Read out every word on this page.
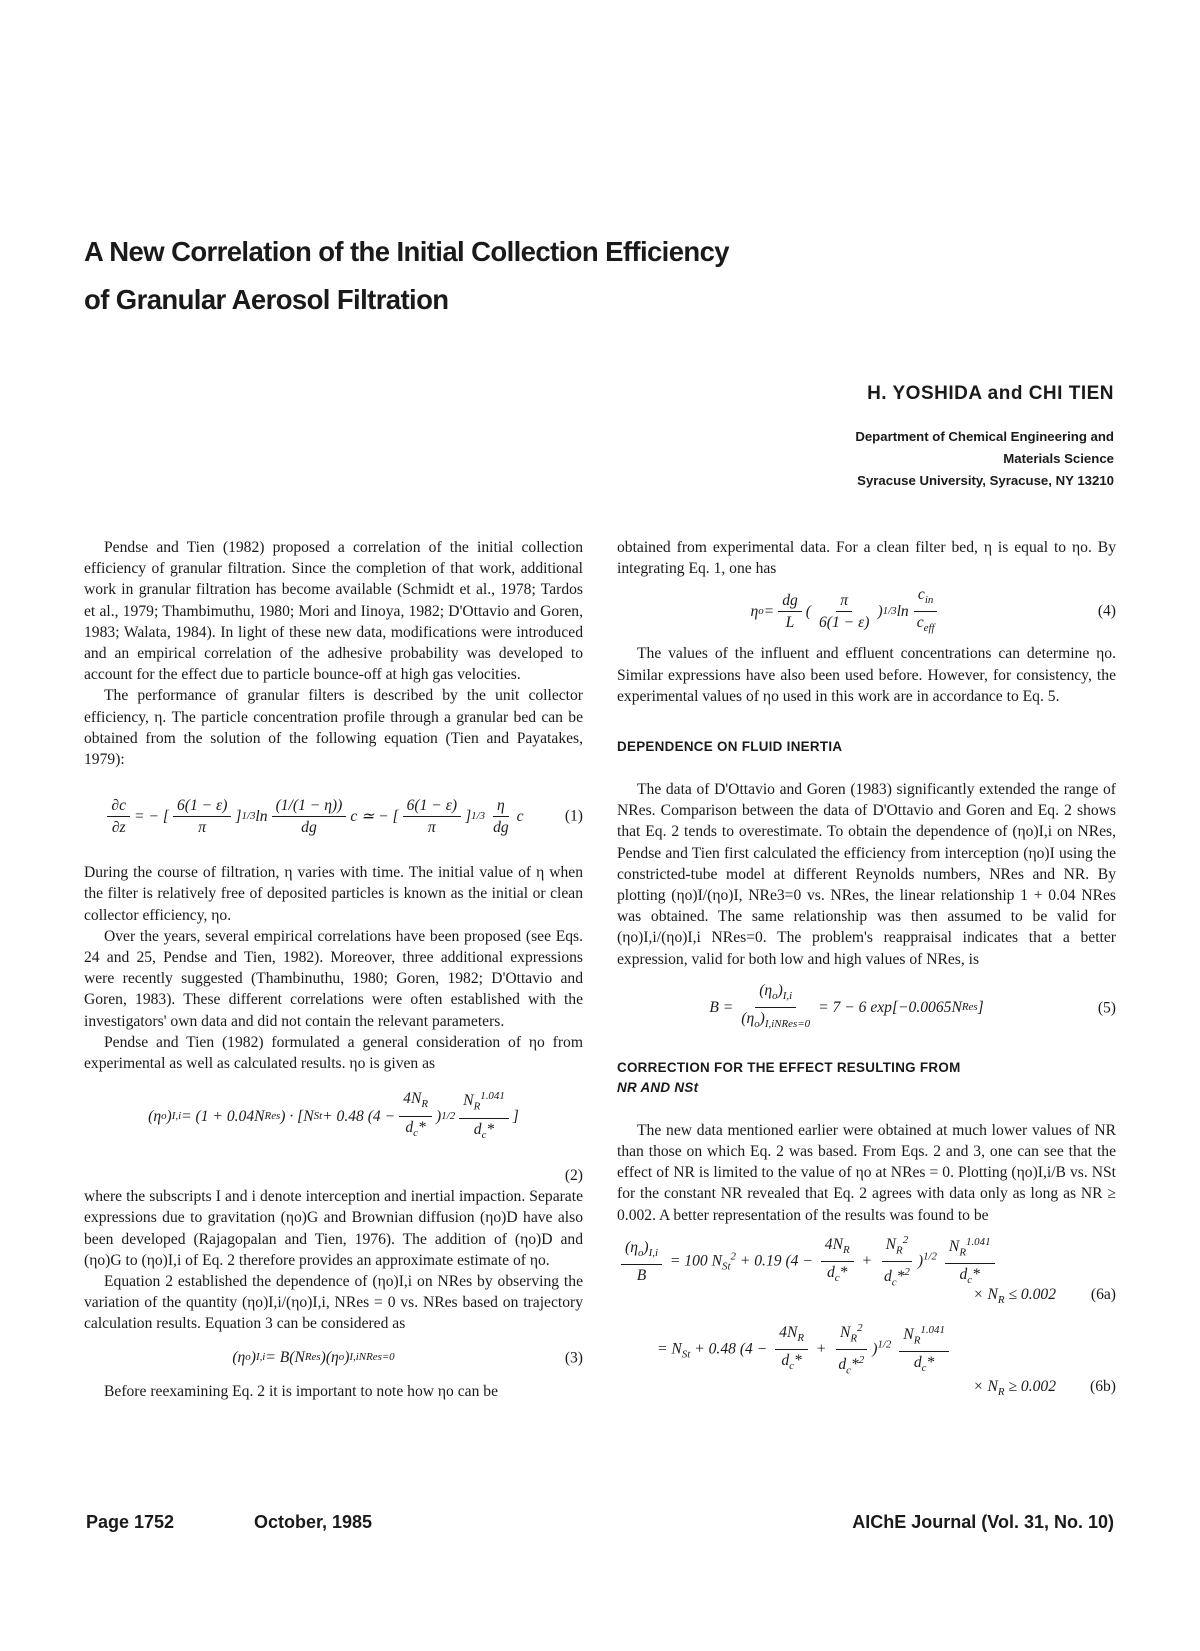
A New Correlation of the Initial Collection Efficiency
of Granular Aerosol Filtration
H. YOSHIDA and CHI TIEN
Department of Chemical Engineering and
Materials Science
Syracuse University, Syracuse, NY 13210

Pendse and Tien (1982) proposed a correlation of the initial collection efficiency of granular filtration. Since the completion of that work, additional work in granular filtration has become available (Schmidt et al., 1978; Tardos et al., 1979; Thambimuthu, 1980; Mori and Iinoya, 1982; D'Ottavio and Goren, 1983; Walata, 1984). In light of these new data, modifications were introduced and an empirical correlation of the adhesive probability was developed to account for the effect due to particle bounce-off at high gas velocities.

The performance of granular filters is described by the unit collector efficiency, η. The particle concentration profile through a granular bed can be obtained from the solution of the following equation (Tien and Payatakes, 1979):

$\frac{\partial c}{\partial z}$ = − [ $\frac{6(1 - \varepsilon)}{\pi}$ ] 1/3 $\ln \frac{(1/(1 - \eta))}{dg}$ c ≃ − [ $\frac{6(1 - \varepsilon)}{\pi}$ ] $1/3 \frac{\eta}{dg}$ c	(1)

During the course of filtration, η varies with time. The initial value of η when the filter is relatively free of deposited particles is known as the initial or clean collector efficiency, ηo.

Over the years, several empirical correlations have been proposed (see Eqs. 24 and 25, Pendse and Tien, 1982). Moreover, three additional expressions were recently suggested (Thambinuthu, 1980; Goren, 1982; D'Ottavio and Goren, 1983). These different correlations were often established with the investigators' own data and did not contain the relevant parameters.

Pendse and Tien (1982) formulated a general consideration of ηo from experimental as well as calculated results. ηo is given as

(η o ) I,i = (1 + 0.04N Res ) · [N St + 0.48 ($4 - \frac{4N_R}{d_c*}$ ) $1/2 \frac{N_R^{1.041}}{d_c*}$ ]
(2)

where the subscripts I and i denote interception and inertial impaction. Separate expressions due to gravitation (ηo)G and Brownian diffusion (ηo)D have also been developed (Rajagopalan and Tien, 1976). The addition of (ηo)D and (ηo)G to (ηo)I,i of Eq. 2 therefore provides an approximate estimate of ηo.

Equation 2 established the dependence of (ηo)I,i on NRes by observing the variation of the quantity (ηo)I,i/(ηo)I,i, NRes = 0 vs. NRes based on trajectory calculation results. Equation 3 can be considered as

(η o ) I,i = B(N Res )(η o ) I,iNRes=0	(3)

Before reexamining Eq. 2 it is important to note how ηo can be

obtained from experimental data. For a clean filter bed, η is equal to ηo. By integrating Eq. 1, one has

η $o = \frac{dg}{L}$ ( $\frac{\pi}{6(1 - \varepsilon)}$ ) 1/3 $\ln \frac{c_{in}}{c_{eff}}$	(4)

The values of the influent and effluent concentrations can determine ηo. Similar expressions have also been used before. However, for consistency, the experimental values of ηo used in this work are in accordance to Eq. 5.

DEPENDENCE ON FLUID INERTIA

The data of D'Ottavio and Goren (1983) significantly extended the range of NRes. Comparison between the data of D'Ottavio and Goren and Eq. 2 shows that Eq. 2 tends to overestimate. To obtain the dependence of (ηo)I,i on NRes, Pendse and Tien first calculated the efficiency from interception (ηo)I using the constricted-tube model at different Reynolds numbers, NRes and NR. By plotting (ηo)I/(ηo)I, NRe3=0 vs. NRes, the linear relationship 1 + 0.04 NRes was obtained. The same relationship was then assumed to be valid for (ηo)I,i/(ηo)I,i NRes=0. The problem's reappraisal indicates that a better expression, valid for both low and high values of NRes, is

$B = \frac{(\eta_o)_{I,i}}{(\eta_o)_{I,iNRes=0}} = 7 - 6$ exp[−0.0065N Res ]	(5)
CORRECTION FOR THE EFFECT RESULTING FROM
NR AND NSt

The new data mentioned earlier were obtained at much lower values of NR than those on which Eq. 2 was based. From Eqs. 2 and 3, one can see that the effect of NR is limited to the value of ηo at NRes = 0. Plotting (ηo)I,i/B vs. NSt for the constant NR revealed that Eq. 2 agrees with data only as long as NR ≥ 0.002. A better representation of the results was found to be

$\frac{(\eta_o)_{I,i}}{B} = 100$ $N_{St}^2 + 0.19$ $(4 - \frac{4N_R}{d_c*} + \frac{N_R^2}{d_c*^2} )^{1/2} \frac{N_R^{1.041}}{d_c*}$
× $N_R \le 0.002$ (6a)
= $N_{St} + 0.48$ $(4 - \frac{4N_R}{d_c*} + \frac{N_R^2}{d_c*^2} )^{1/2} \frac{N_R^{1.041}}{d_c*}$
× $N_R \ge 0.002$ (6b)
Page 1752	October, 1985	AIChE Journal (Vol. 31, No. 10)
